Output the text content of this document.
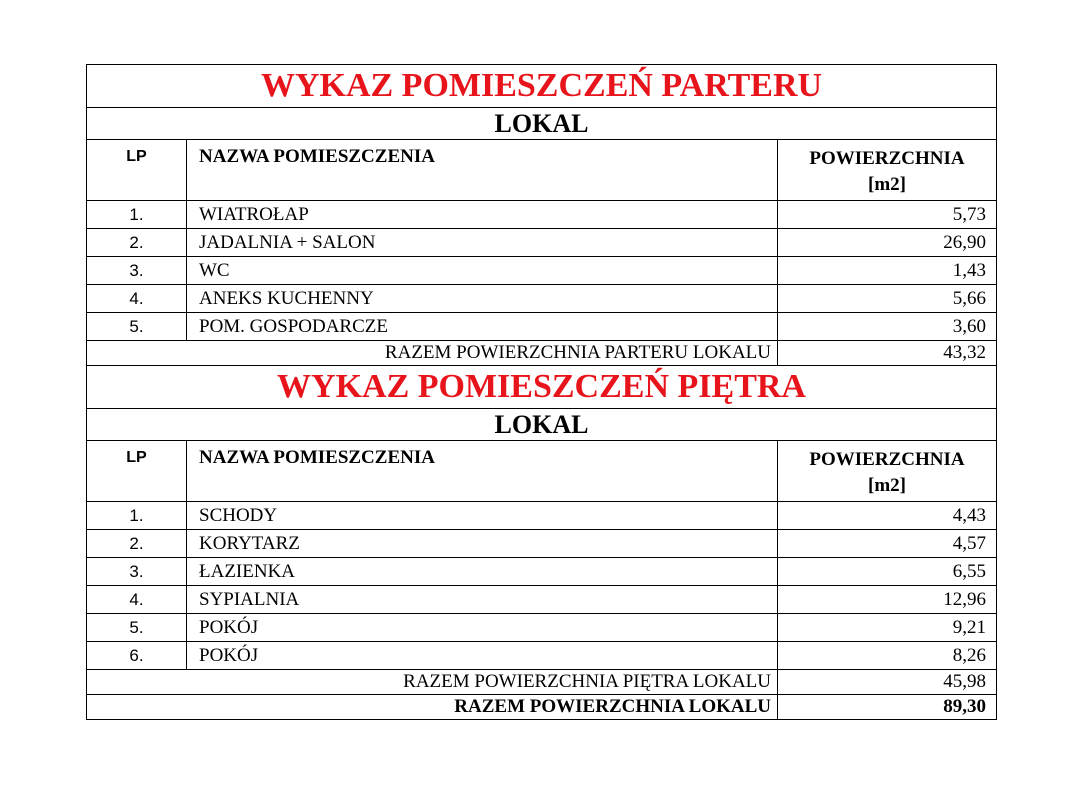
WYKAZ POMIESZCZEŃ PARTERU		
LOKAL		
LP	NAZWA POMIESZCZENIA	POWIERZCHNIA
[m2]
1.	WIATROŁAP	5,73
2.	JADALNIA + SALON	26,90
3.	WC	1,43
4.	ANEKS KUCHENNY	5,66
5.	POM. GOSPODARCZE	3,60
RAZEM POWIERZCHNIA PARTERU LOKALU		43,32
WYKAZ POMIESZCZEŃ PIĘTRA		
LOKAL		
LP	NAZWA POMIESZCZENIA	POWIERZCHNIA
[m2]
1.	SCHODY	4,43
2.	KORYTARZ	4,57
3.	ŁAZIENKA	6,55
4.	SYPIALNIA	12,96
5.	POKÓJ	9,21
6.	POKÓJ	8,26
RAZEM POWIERZCHNIA PIĘTRA LOKALU		45,98
RAZEM POWIERZCHNIA LOKALU		89,30
